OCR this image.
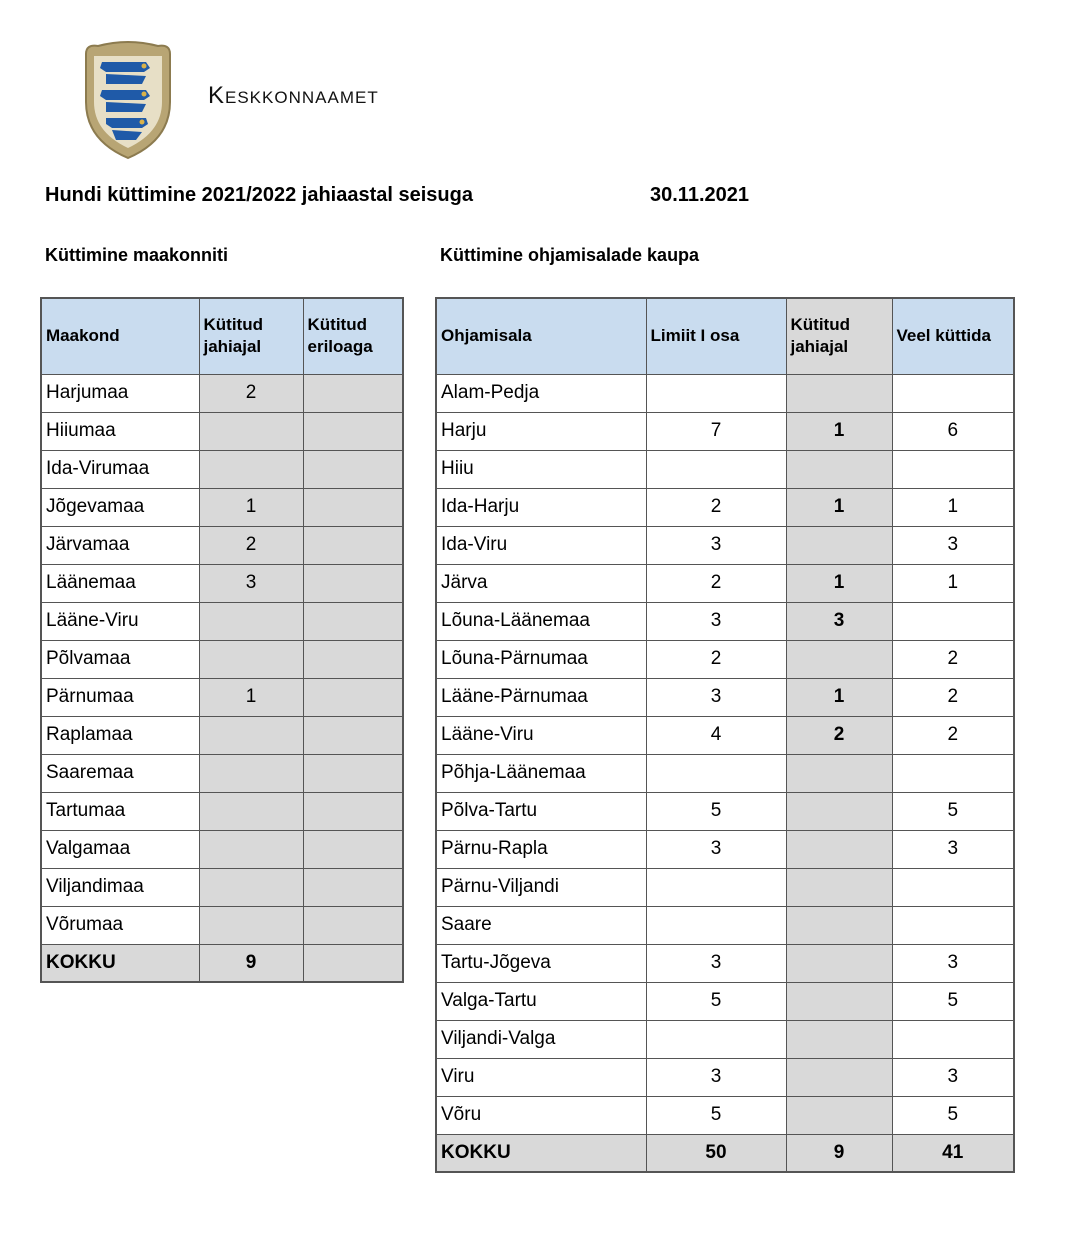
Keskkonnaamet
Hundi küttimine 2021/2022 jahiaastal seisuga	30.11.2021
Küttimine maakonniti	Küttimine ohjamisalade kaupa
Maakond	Kütitud jahiajal	Kütitud eriloaga
Harjumaa	2	
Hiiumaa		
Ida-Virumaa		
Jõgevamaa	1	
Järvamaa	2	
Läänemaa	3	
Lääne-Viru		
Põlvamaa		
Pärnumaa	1	
Raplamaa		
Saaremaa		
Tartumaa		
Valgamaa		
Viljandimaa		
Võrumaa		
KOKKU	9	
Ohjamisala	Limiit I osa	Kütitud jahiajal	Veel küttida
Alam-Pedja			
Harju	7	1	6
Hiiu			
Ida-Harju	2	1	1
Ida-Viru	3		3
Järva	2	1	1
Lõuna-Läänemaa	3	3	
Lõuna-Pärnumaa	2		2
Lääne-Pärnumaa	3	1	2
Lääne-Viru	4	2	2
Põhja-Läänemaa			
Põlva-Tartu	5		5
Pärnu-Rapla	3		3
Pärnu-Viljandi			
Saare			
Tartu-Jõgeva	3		3
Valga-Tartu	5		5
Viljandi-Valga			
Viru	3		3
Võru	5		5
KOKKU	50	9	41
